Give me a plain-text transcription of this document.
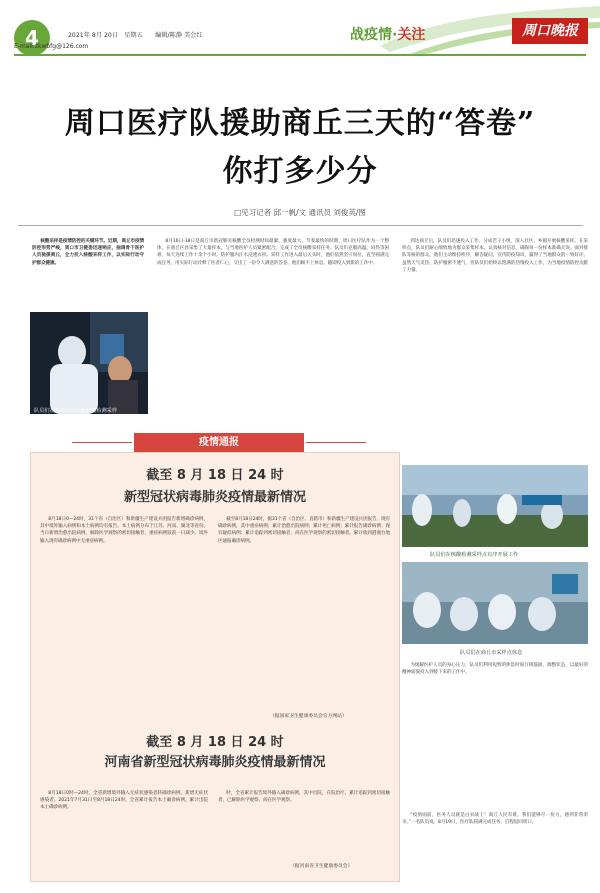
4	2021年 8月 20日　星期五　　编辑/陈静 美会红
E-mail:zkwbfg@126.com
战疫情·关注	周口晚报
周口医疗队援助商丘三天的“答卷”
你打多少分
□见习记者 邱一帆/文 通讯员 刘俊英/图

核酸采样是疫情防控的关键环节。近期，商丘市疫情防控形势严峻，周口市卫健委迅速响应，抽调骨干医护人员驰援商丘，全力投入核酸采样工作，以实际行动守护群众健康。

队员们在为商丘市民做核酸检测采样

8月16日-18日是商丘市新冠肺炎核酸全员检测时间最紧、强度最大、节奏最快的时期，周口医疗队作为一个整体，在商丘区县采集了大量样本，与当地医护人员紧密配合，完成了全员核酸采样任务。队员们克服高温、闷热等困难，每天连续工作十余个小时，防护服内汗水浸透衣衫。采样工作进入最后关头时，他们依然坚守岗位，直至圆满完成任务，用实际行动诠释了医者仁心，交出了一份令人满意的答卷。他们顾不上休息，随即投入到新的工作中。

到达商丘后，队员们迅速投入工作，分成若干小组，深入社区、乡镇开展核酸采样。在采样点，队员们耐心细致地为群众采集样本，认真核对信息，确保每一份样本准确无误。面对排队等候的群众，他们主动维持秩序，解答疑问，宣传防疫知识，赢得了当地群众的一致好评。虽然天气炎热，防护服密不透气，但队员们始终以饱满的热情投入工作，为当地疫情防控贡献了力量。

队员们在核酸检测采样点有序开展工作
队员们在商丘市采样点休息

为缓解医护人员的身心压力，队员们利用短暂的休息时间互相鼓励，调整状态，以最好的精神面貌投入到接下来的工作中。

“疫情面前，医务人员就是白衣战士！商丘人民有难，我们能够尽一份力，感到非常荣幸。”一名队员说。8月19日，医疗队圆满完成任务，启程返回周口。

疫情通报
截至 8 月 18 日 24 时
新型冠状病毒肺炎疫情最新情况

8月18日0—24时，31个省（自治区）和新疆生产建设兵团报告新增确诊病例，其中境外输入病例和本土病例均有报告。本土病例分布于江苏、河南、湖北等省份。当日新增治愈出院病例，解除医学观察的密切接触者，重症病例较前一日减少。境外输入现有确诊病例中无重症病例。

截至8月18日24时，据31个省（自治区、直辖市）和新疆生产建设兵团报告，现有确诊病例，其中重症病例；累计治愈出院病例；累计死亡病例；累计报告确诊病例；现有疑似病例；累计追踪到密切接触者，尚在医学观察的密切接触者。累计收到港澳台地区通报确诊病例。

（据国家卫生健康委员会官方网站）
截至 8 月 18 日 24 时
河南省新型冠状病毒肺炎疫情最新情况

8月18日0时—24时，全省新增境外输入无症状感染者转确诊病例，新增无症状感染者。2021年7月31日至8月18日24时，全省累计报告本土确诊病例，累计出院本土确诊病例。

时，全省累计报告境外输入确诊病例，其中出院，在院治疗。累计追踪到密切接触者，已解除医学观察，尚在医学观察。

（据河南省卫生健康委员会）
